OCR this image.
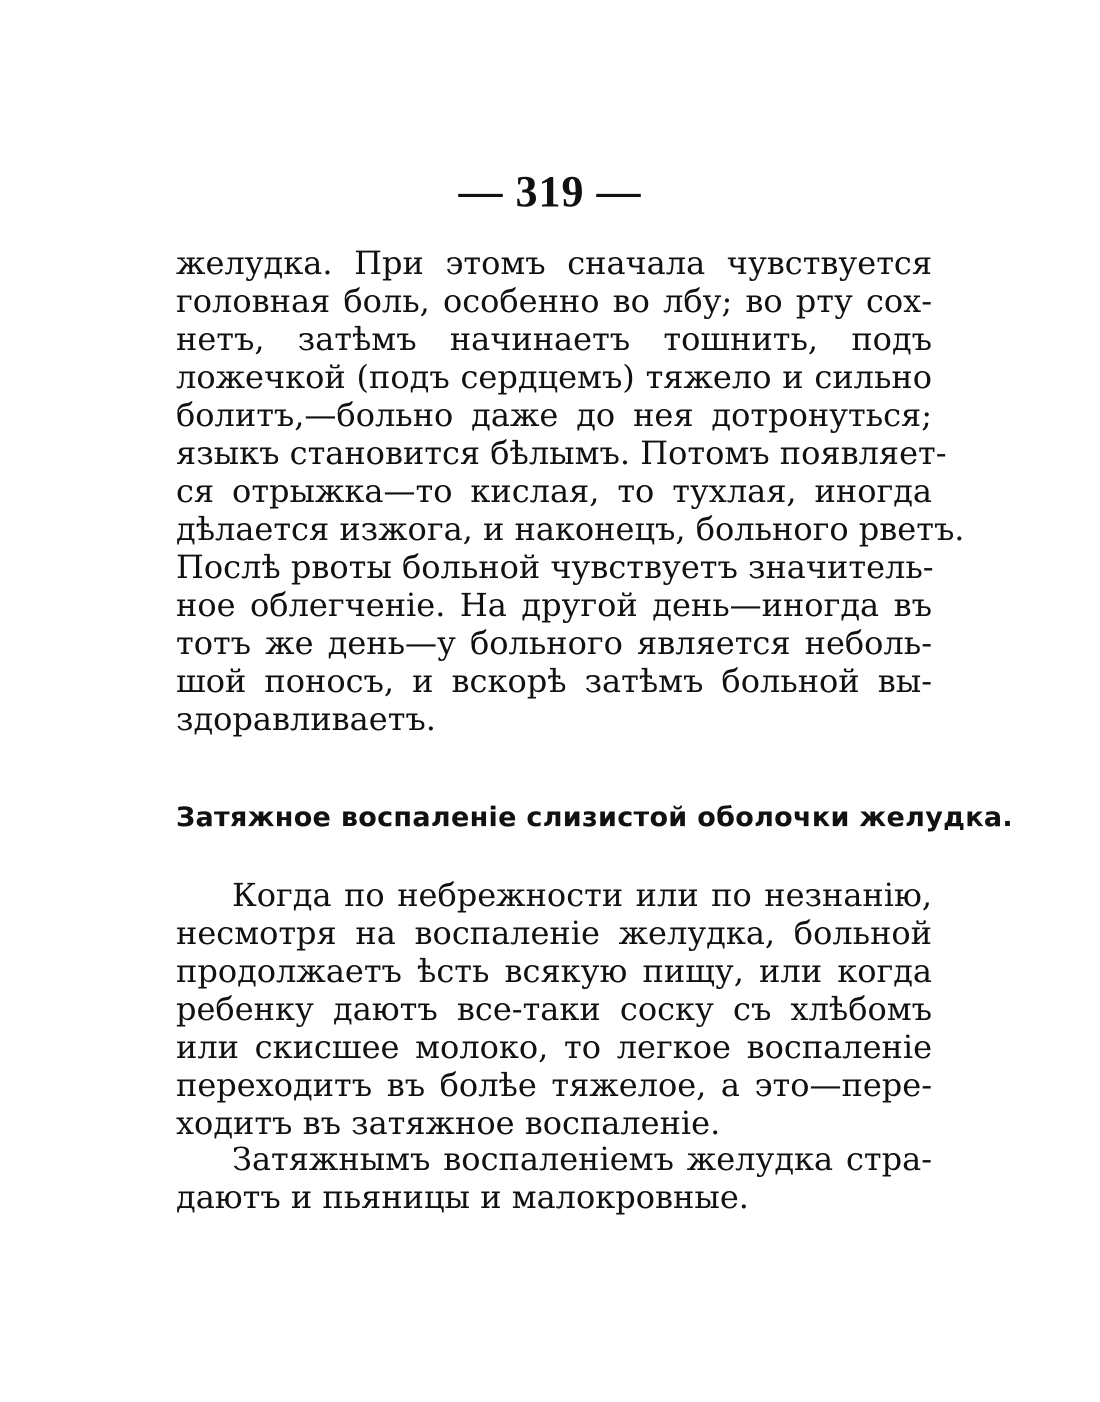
— 319 —
желудка. При этомъ сначала чувствуется
головная боль, особенно во лбу; во рту сох-
нетъ, затѣмъ начинаетъ тошнить, подъ
ложечкой (подъ сердцемъ) тяжело и сильно
болитъ,—больно даже до нея дотронуться;
языкъ становится бѣлымъ. Потомъ появляет-
ся отрыжка—то кислая, то тухлая, иногда
дѣлается изжога, и наконецъ, больного рветъ.
Послѣ рвоты больной чувствуетъ значитель-
ное облегченіе. На другой день—иногда въ
тотъ же день—у больного является неболь-
шой поносъ, и вскорѣ затѣмъ больной вы-
здоравливаетъ.
Затяжное воспаленіе слизистой оболочки желудка.
Когда по небрежности или по незнанію,
несмотря на воспаленіе желудка, больной
продолжаетъ ѣсть всякую пищу, или когда
ребенку даютъ все-таки соску съ хлѣбомъ
или скисшее молоко, то легкое воспаленіе
переходитъ въ болѣе тяжелое, а это—пере-
ходитъ въ затяжное воспаленіе.
Затяжнымъ воспаленіемъ желудка стра-
даютъ и пьяницы и малокровные.
